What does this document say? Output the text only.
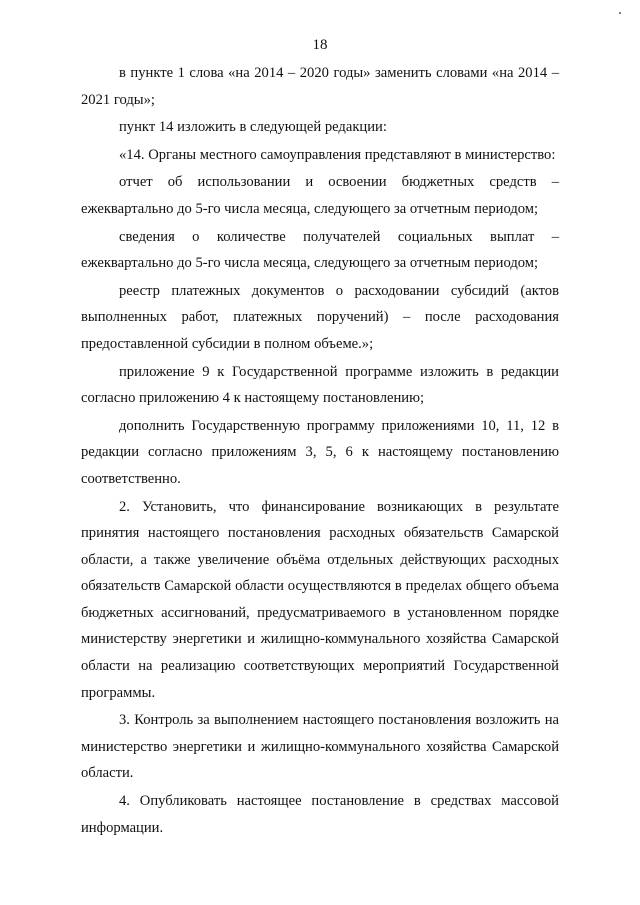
18

в пункте 1 слова «на 2014 – 2020 годы» заменить словами «на 2014 – 2021 годы»;

пункт 14 изложить в следующей редакции:

«14. Органы местного самоуправления представляют в министерство:

отчет об использовании и освоении бюджетных средств – ежеквартально до 5-го числа месяца, следующего за отчетным периодом;

сведения о количестве получателей социальных выплат – ежеквартально до 5-го числа месяца, следующего за отчетным периодом;

реестр платежных документов о расходовании субсидий (актов выполненных работ, платежных поручений) – после расходования предоставленной субсидии в полном объеме.»;

приложение 9 к Государственной программе изложить в редакции согласно приложению 4 к настоящему постановлению;

дополнить Государственную программу приложениями 10, 11, 12 в редакции согласно приложениям 3, 5, 6 к настоящему постановлению соответственно.

2. Установить, что финансирование возникающих в результате принятия настоящего постановления расходных обязательств Самарской области, а также увеличение объёма отдельных действующих расходных обязательств Самарской области осуществляются в пределах общего объема бюджетных ассигнований, предусматриваемого в установленном порядке министерству энергетики и жилищно-коммунального хозяйства Самарской области на реализацию соответствующих мероприятий Государственной программы.

3. Контроль за выполнением настоящего постановления возложить на министерство энергетики и жилищно-коммунального хозяйства Самарской области.

4. Опубликовать настоящее постановление в средствах массовой информации.
